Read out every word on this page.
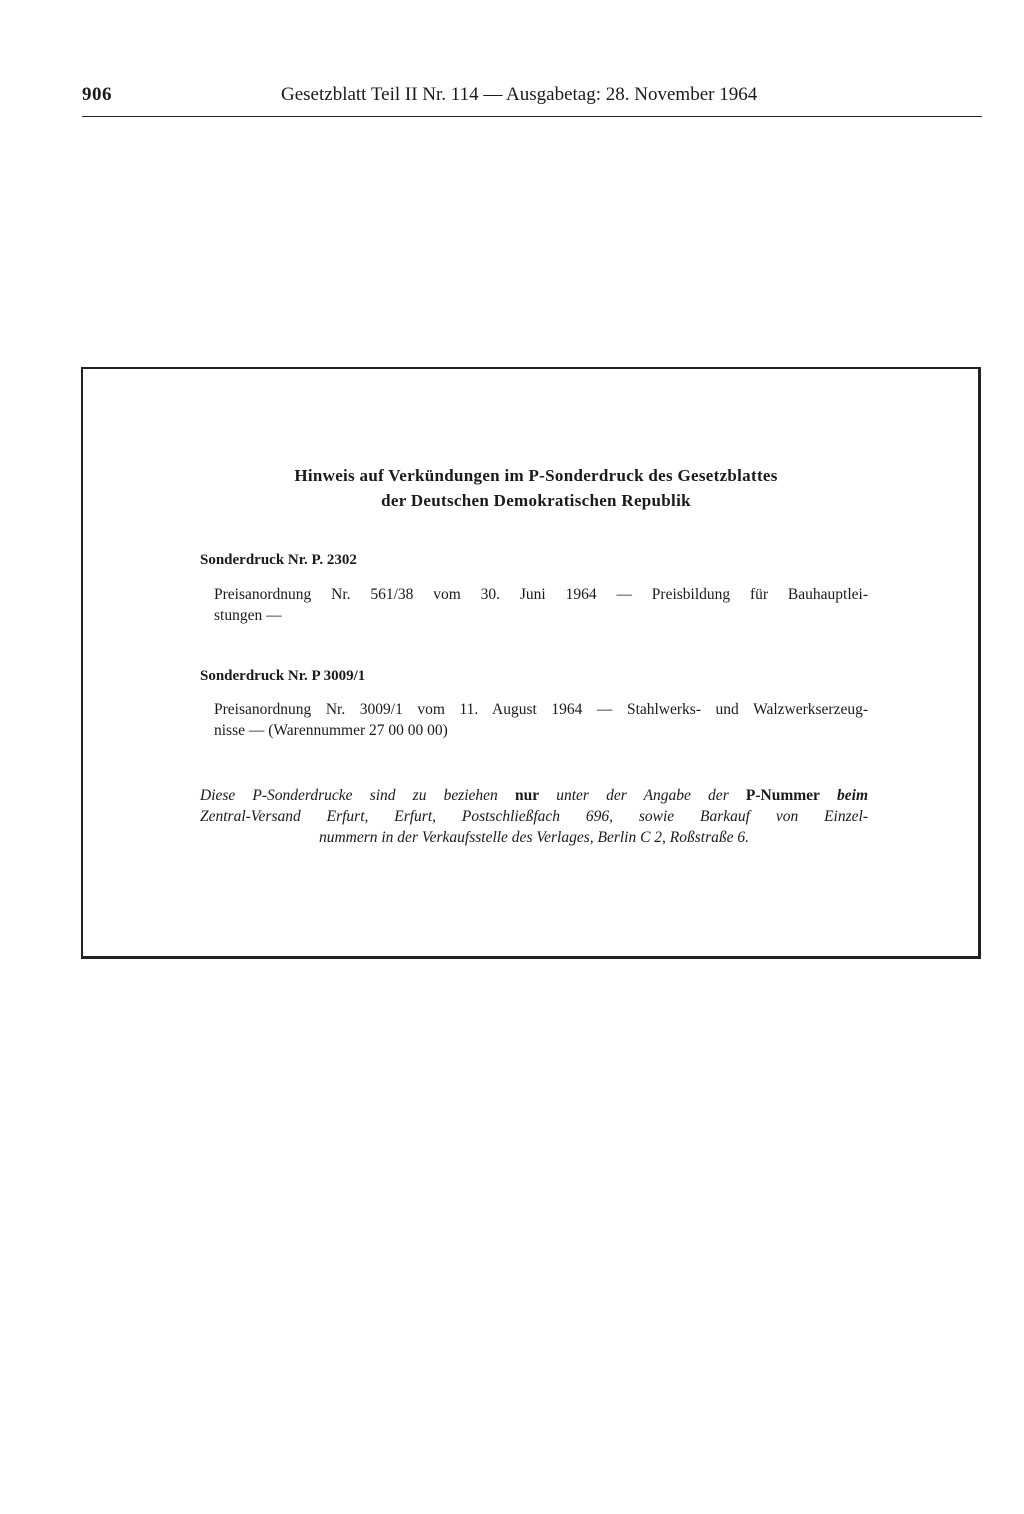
906	Gesetzblatt Teil II Nr. 114 — Ausgabetag: 28. November 1964
Hinweis auf Verkündungen im P-Sonderdruck des Gesetzblattes
der Deutschen Demokratischen Republik
Sonderdruck Nr. P. 2302
Preisanordnung Nr. 561/38 vom 30. Juni 1964 — Preisbildung für Bauhauptlei-
stungen —
Sonderdruck Nr. P 3009/1
Preisanordnung Nr. 3009/1 vom 11. August 1964 — Stahlwerks- und Walzwerkserzeug-
nisse — (Warennummer 27 00 00 00)
Diese P-Sonderdrucke sind zu beziehen nur unter der Angabe der P-Nummer beim
Zentral-Versand Erfurt, Erfurt, Postschließfach 696, sowie Barkauf von Einzel-
nummern in der Verkaufsstelle des Verlages, Berlin C 2, Roßstraße 6.
